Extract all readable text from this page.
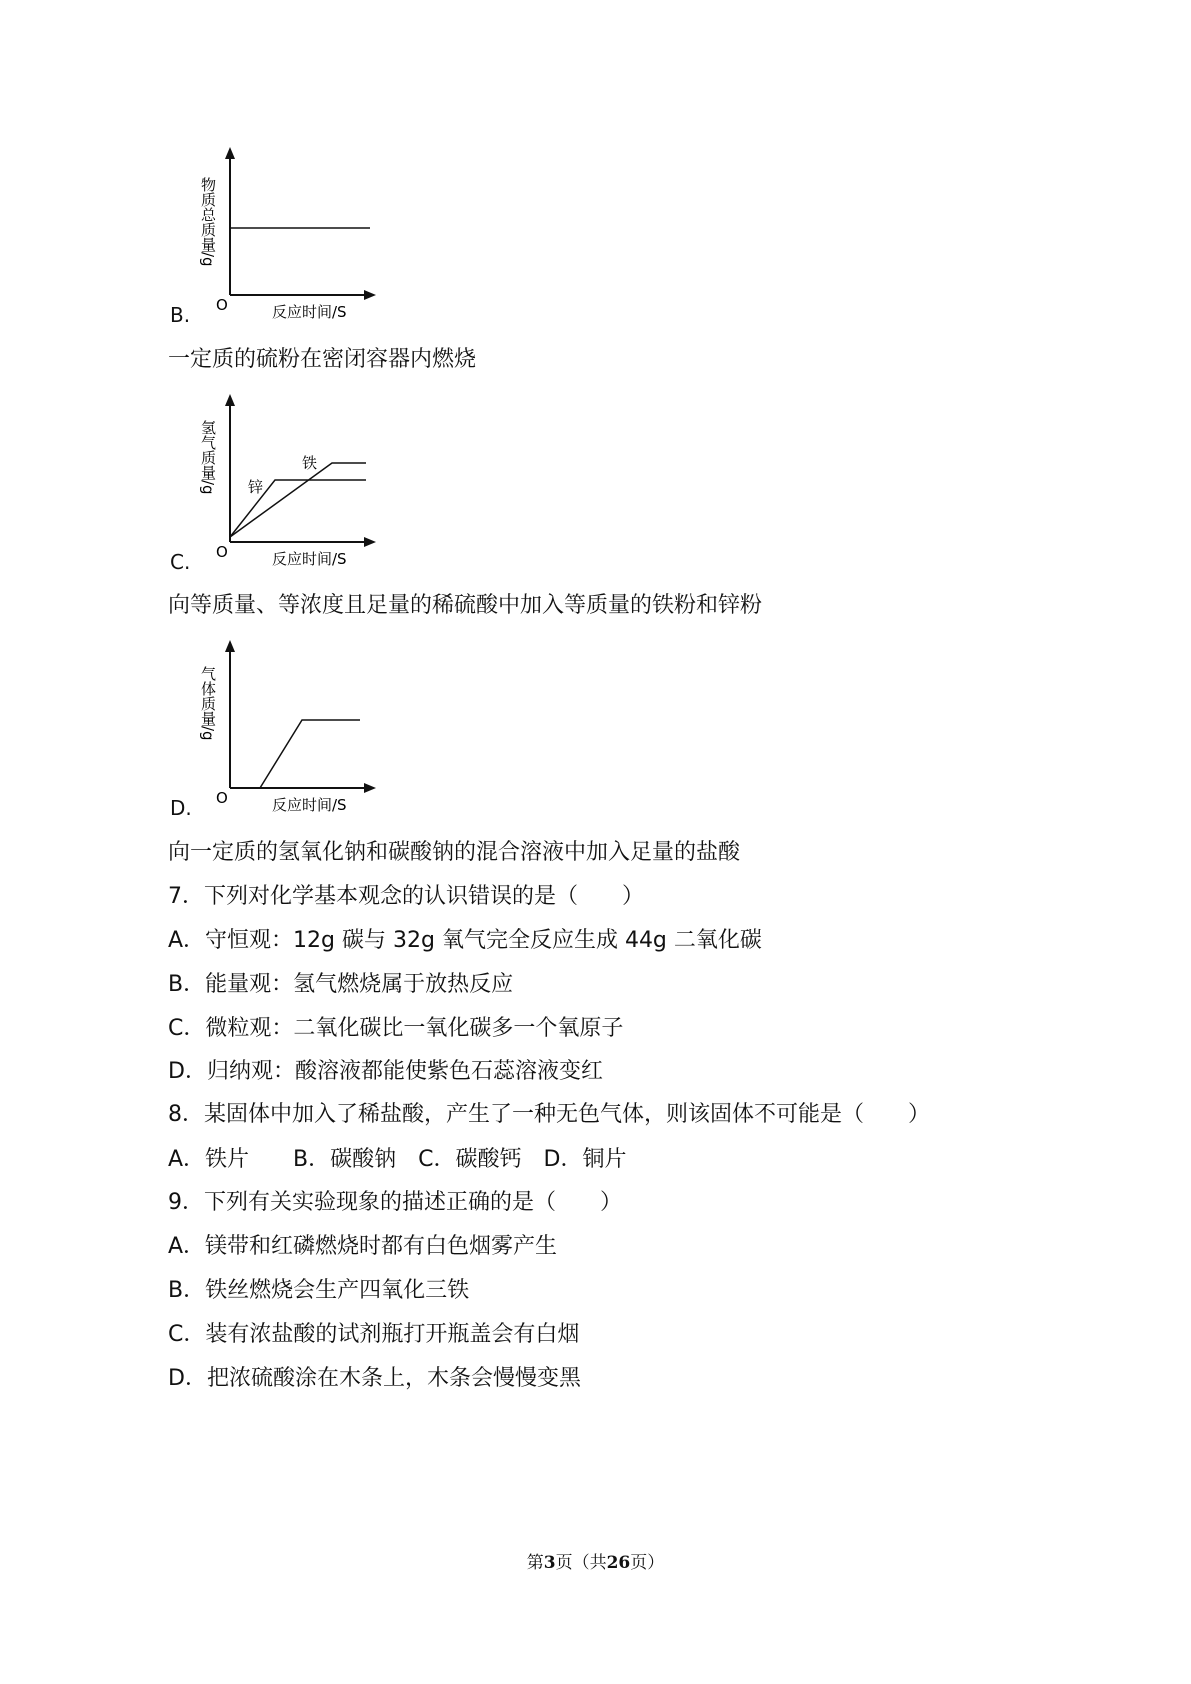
B. O	反应时间/S
物质总质量/g
一定质的硫粉在密闭容器内燃烧
C.
锌
铁
O	反应时间/S
氢气质量/g
向等质量、等浓度且足量的稀硫酸中加入等质量的铁粉和锌粉
D. O	反应时间/S
气体质量/g
向一定质的氢氧化钠和碳酸钠的混合溶液中加入足量的盐酸
7．下列对化学基本观念的认识错误的是（　　）
A．守恒观：12g 碳与 32g 氧气完全反应生成 44g 二氧化碳
B．能量观：氢气燃烧属于放热反应
C．微粒观：二氧化碳比一氧化碳多一个氧原子
D．归纳观：酸溶液都能使紫色石蕊溶液变红
8．某固体中加入了稀盐酸，产生了一种无色气体，则该固体不可能是（　　）
A．铁片　　B．碳酸钠　C．碳酸钙　D．铜片
9．下列有关实验现象的描述正确的是（　　）
A．镁带和红磷燃烧时都有白色烟雾产生
B．铁丝燃烧会生产四氧化三铁
C．装有浓盐酸的试剂瓶打开瓶盖会有白烟
D．把浓硫酸涂在木条上，木条会慢慢变黑
第3页（共26页）
